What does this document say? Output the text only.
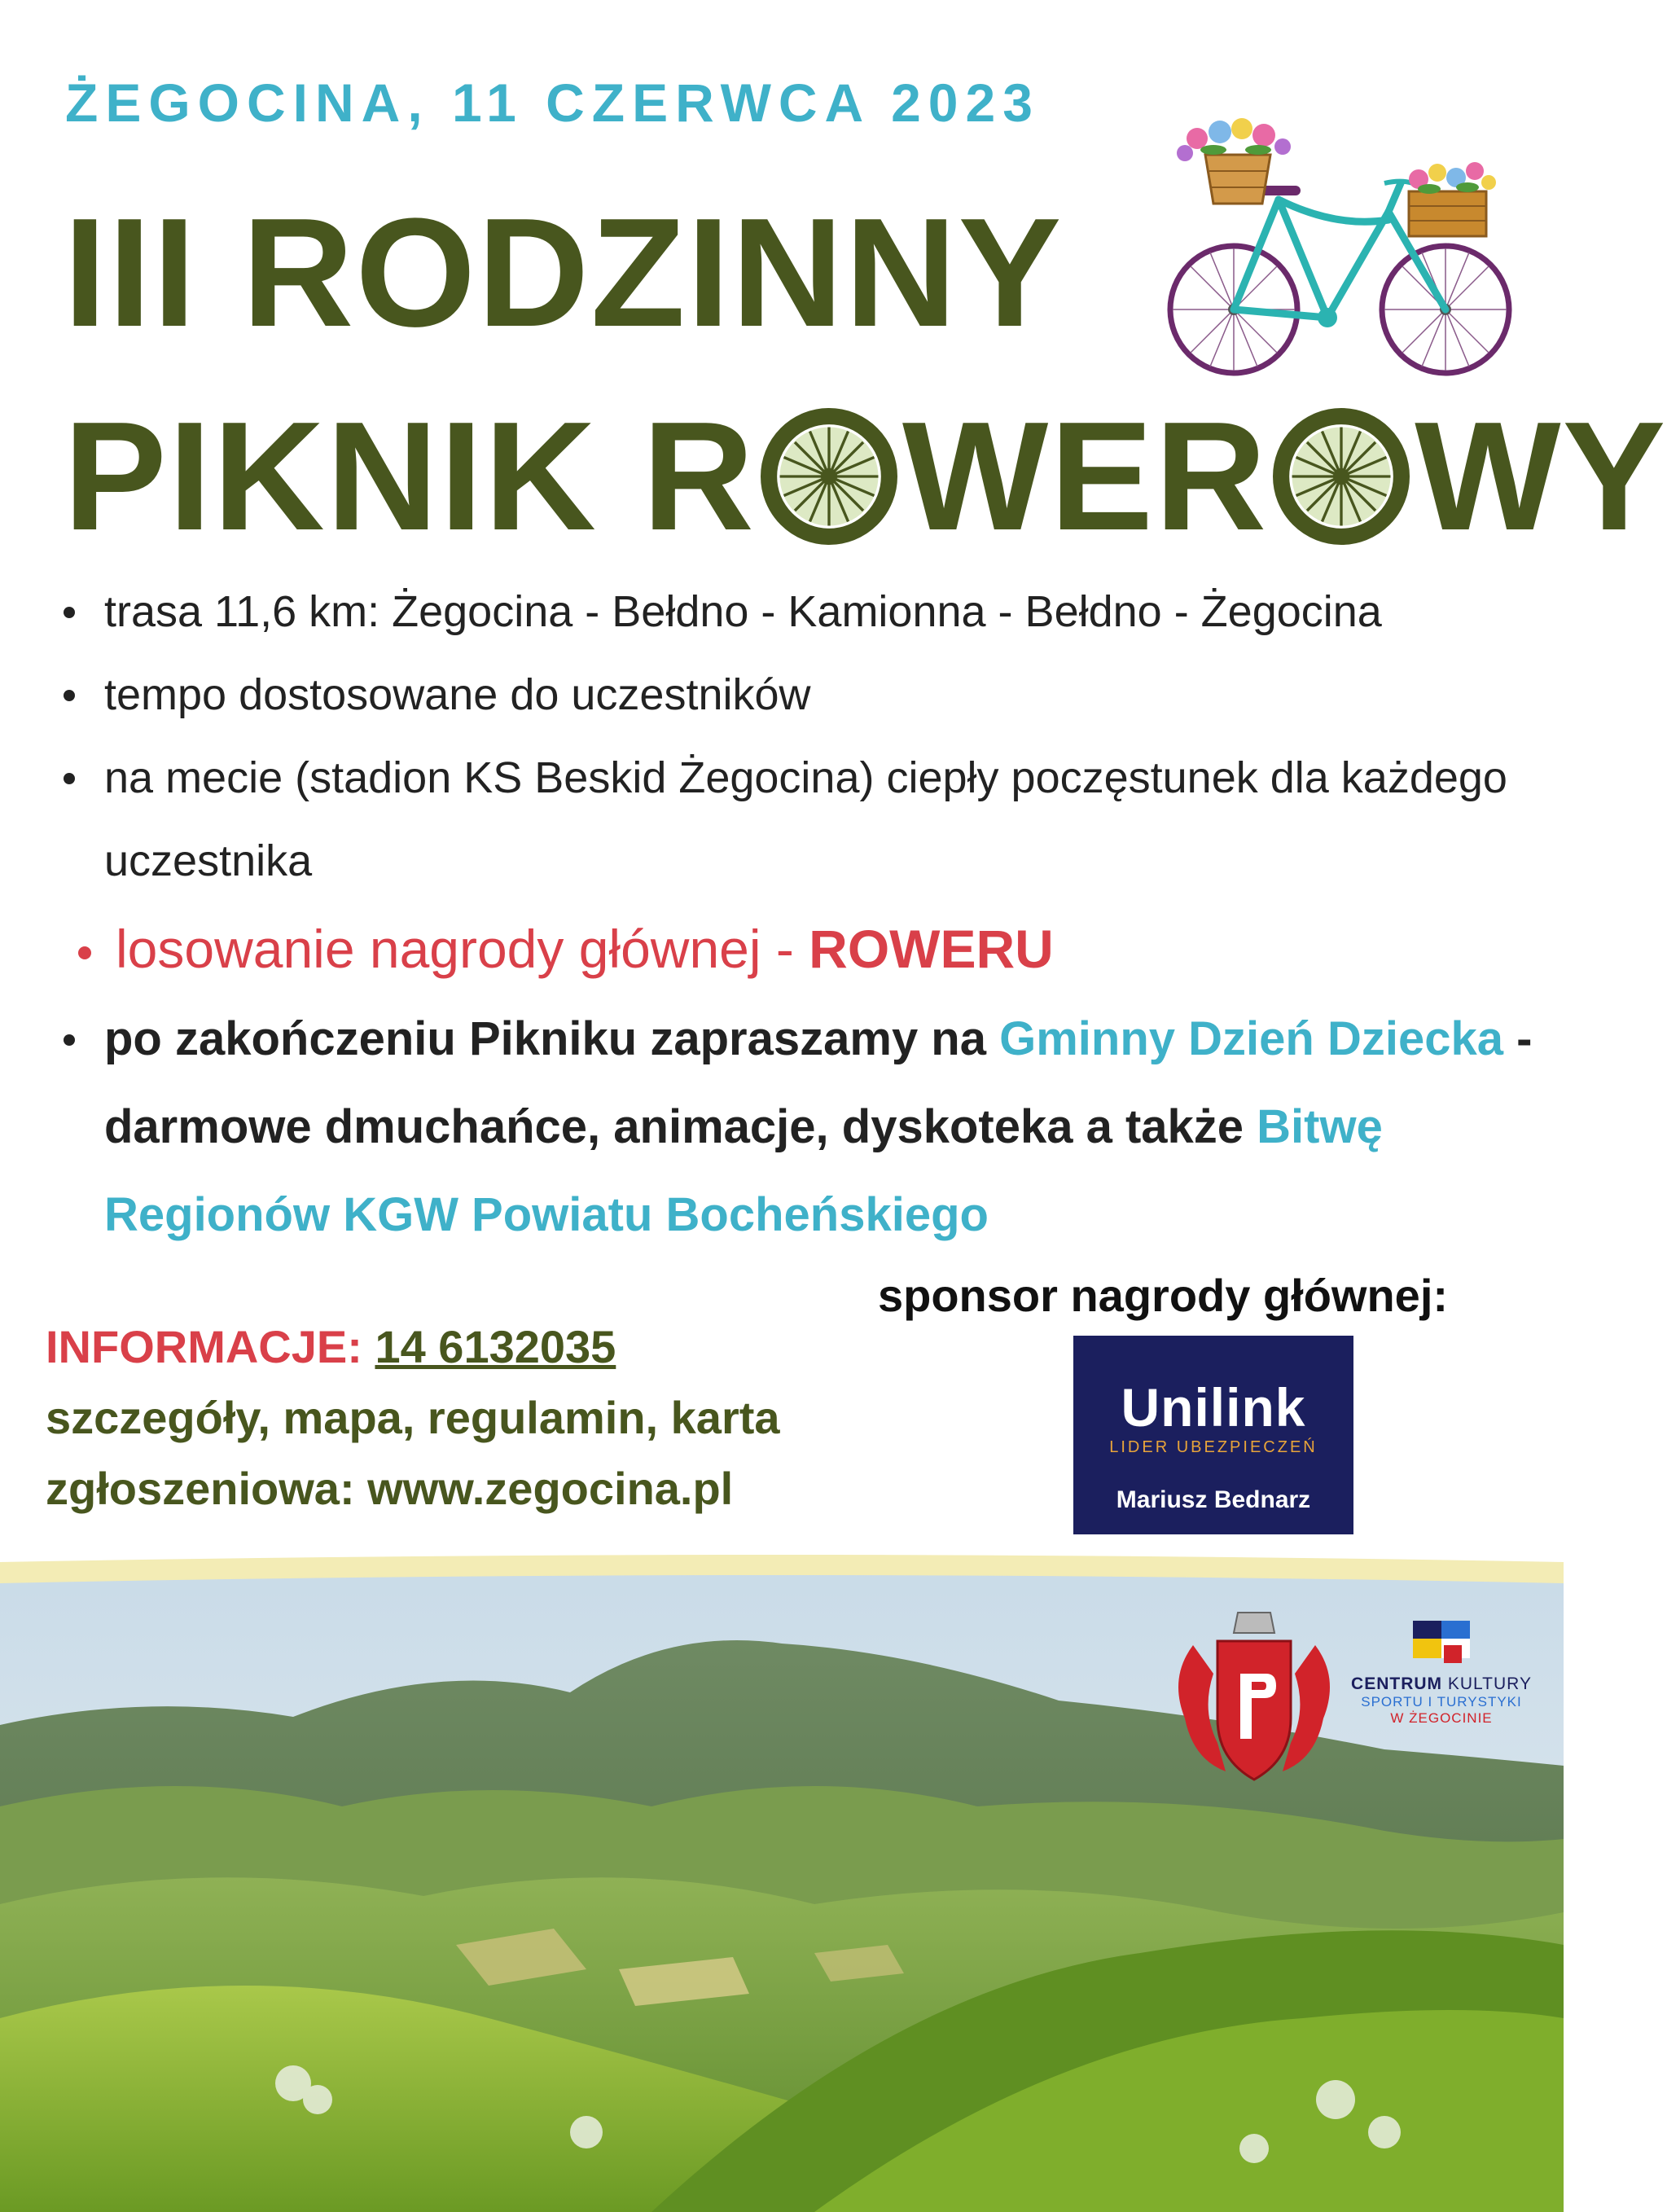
ŻEGOCINA, 11 CZERWCA 2023
III RODZINNY
PIKNIK R WER WY
trasa 11,6 km: Żegocina - Bełdno - Kamionna - Bełdno - Żegocina
tempo dostosowane do uczestników
na mecie (stadion KS Beskid Żegocina) ciepły poczęstunek dla każdego uczestnika
losowanie nagrody głównej - ROWERU
po zakończeniu Pikniku zapraszamy na Gminny Dzień Dziecka - darmowe dmuchańce, animacje, dyskoteka a także Bitwę Regionów KGW Powiatu Bocheńskiego
sponsor nagrody głównej:
Unilink
LIDER UBEZPIECZEŃ
Mariusz Bednarz
INFORMACJE: 14 6132035
szczegóły, mapa, regulamin, karta
zgłoszeniowa: www.zegocina.pl
CENTRUM KULTURY
SPORTU I TURYSTYKI
W ŻEGOCINIE
